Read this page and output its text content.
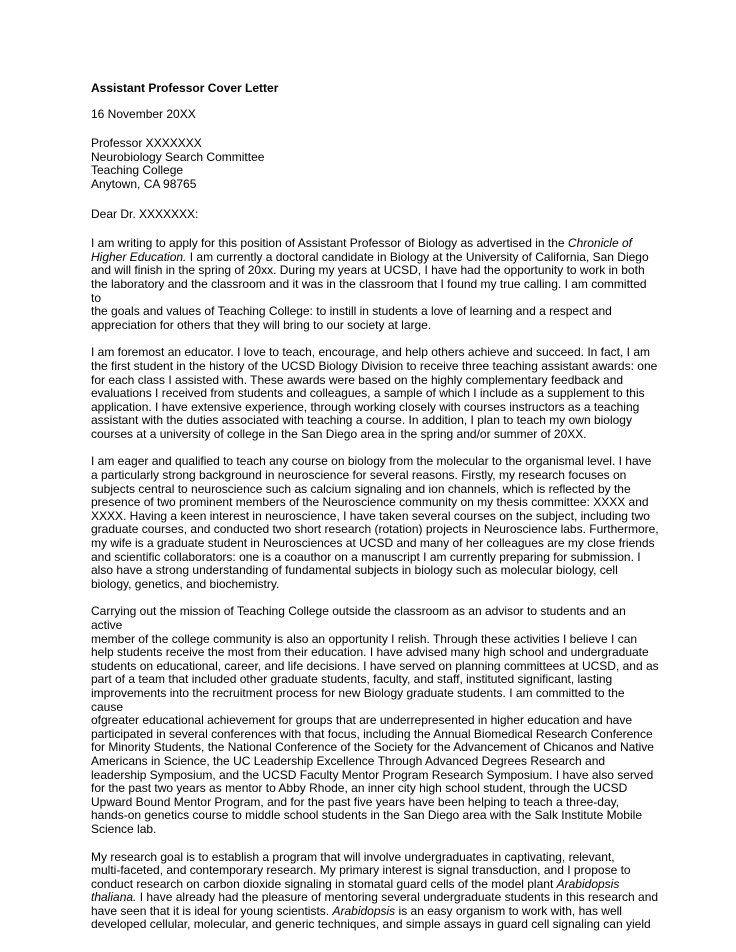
Assistant Professor Cover Letter
16 November 20XX
Professor XXXXXXX
Neurobiology Search Committee
Teaching College
Anytown, CA 98765
Dear Dr. XXXXXXX:

I am writing to apply for this position of Assistant Professor of Biology as advertised in the Chronicle of
Higher Education. I am currently a doctoral candidate in Biology at the University of California, San Diego
and will finish in the spring of 20xx. During my years at UCSD, I have had the opportunity to work in both
the laboratory and the classroom and it was in the classroom that I found my true calling. I am committed to
the goals and values of Teaching College: to instill in students a love of learning and a respect and
appreciation for others that they will bring to our society at large.

I am foremost an educator. I love to teach, encourage, and help others achieve and succeed. In fact, I am
the first student in the history of the UCSD Biology Division to receive three teaching assistant awards: one
for each class I assisted with. These awards were based on the highly complementary feedback and
evaluations I received from students and colleagues, a sample of which I include as a supplement to this
application. I have extensive experience, through working closely with courses instructors as a teaching
assistant with the duties associated with teaching a course. In addition, I plan to teach my own biology
courses at a university of college in the San Diego area in the spring and/or summer of 20XX.

I am eager and qualified to teach any course on biology from the molecular to the organismal level. I have
a particularly strong background in neuroscience for several reasons. Firstly, my research focuses on
subjects central to neuroscience such as calcium signaling and ion channels, which is reflected by the
presence of two prominent members of the Neuroscience community on my thesis committee: XXXX and
XXXX. Having a keen interest in neuroscience, I have taken several courses on the subject, including two
graduate courses, and conducted two short research (rotation) projects in Neuroscience labs. Furthermore,
my wife is a graduate student in Neurosciences at UCSD and many of her colleagues are my close friends
and scientific collaborators: one is a coauthor on a manuscript I am currently preparing for submission. I
also have a strong understanding of fundamental subjects in biology such as molecular biology, cell
biology, genetics, and biochemistry.

Carrying out the mission of Teaching College outside the classroom as an advisor to students and an active
member of the college community is also an opportunity I relish. Through these activities I believe I can
help students receive the most from their education. I have advised many high school and undergraduate
students on educational, career, and life decisions. I have served on planning committees at UCSD, and as
part of a team that included other graduate students, faculty, and staff, instituted significant, lasting
improvements into the recruitment process for new Biology graduate students. I am committed to the cause
ofgreater educational achievement for groups that are underrepresented in higher education and have
participated in several conferences with that focus, including the Annual Biomedical Research Conference
for Minority Students, the National Conference of the Society for the Advancement of Chicanos and Native
Americans in Science, the UC Leadership Excellence Through Advanced Degrees Research and
leadership Symposium, and the UCSD Faculty Mentor Program Research Symposium. I have also served
for the past two years as mentor to Abby Rhode, an inner city high school student, through the UCSD
Upward Bound Mentor Program, and for the past five years have been helping to teach a three-day,
hands-on genetics course to middle school students in the San Diego area with the Salk Institute Mobile
Science lab.

My research goal is to establish a program that will involve undergraduates in captivating, relevant,
multi-faceted, and contemporary research. My primary interest is signal transduction, and I propose to
conduct research on carbon dioxide signaling in stomatal guard cells of the model plant Arabidopsis
thaliana. I have already had the pleasure of mentoring several undergraduate students in this research and
have seen that it is ideal for young scientists. Arabidopsis is an easy organism to work with, has well
developed cellular, molecular, and generic techniques, and simple assays in guard cell signaling can yield
